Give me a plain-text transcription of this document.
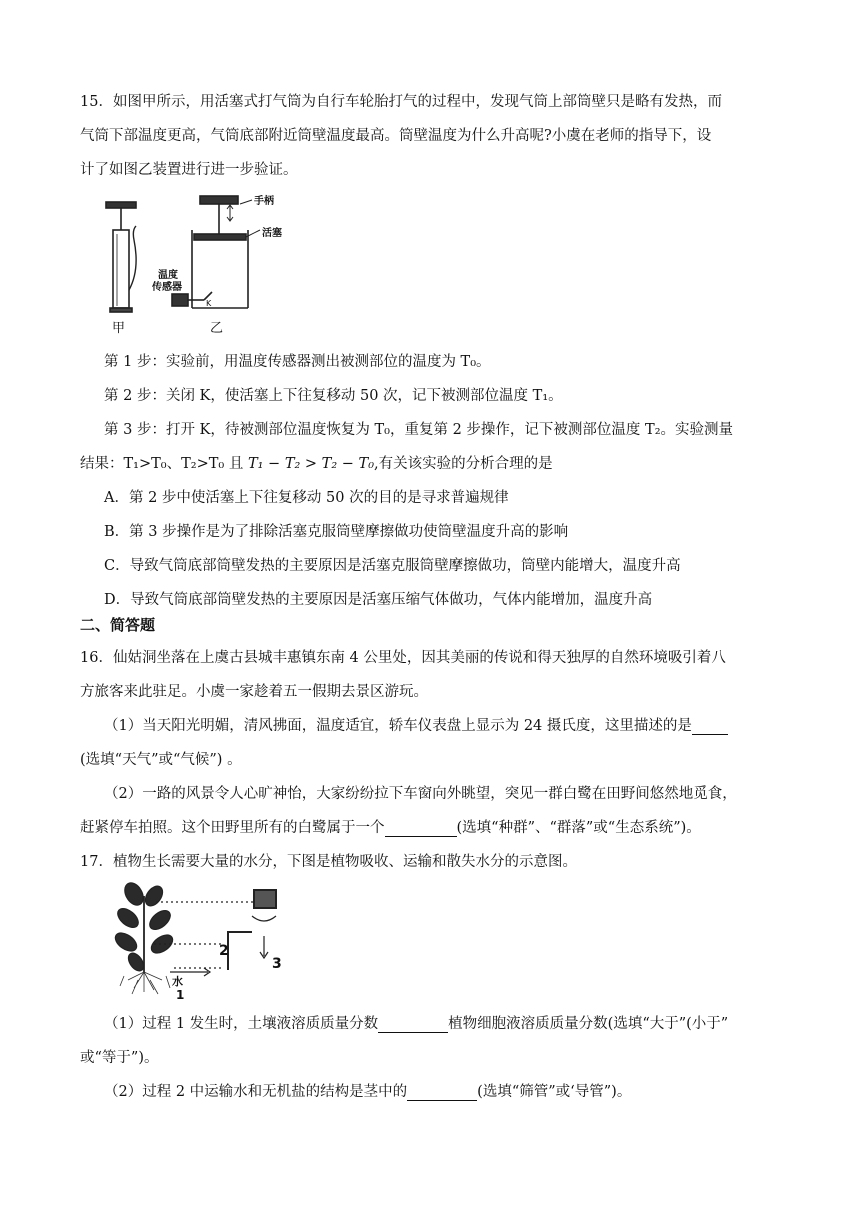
15．如图甲所示，用活塞式打气筒为自行车轮胎打气的过程中，发现气筒上部筒壁只是略有发热，而
气筒下部温度更高，气筒底部附近筒壁温度最高。筒壁温度为什么升高呢?小虞在老师的指导下，设
计了如图乙装置进行进一步验证。
甲
手柄
活塞
温度
传感器
K
乙
第 1 步：实验前，用温度传感器测出被测部位的温度为 T₀。
第 2 步：关闭 K，使活塞上下往复移动 50 次，记下被测部位温度 T₁。
第 3 步：打开 K，待被测部位温度恢复为 T₀，重复第 2 步操作，记下被测部位温度 T₂。实验测量
结果：T₁>T₀、T₂>T₀ 且 T₁ − T₂ > T₂ − T₀,有关该实验的分析合理的是
A．第 2 步中使活塞上下往复移动 50 次的目的是寻求普遍规律
B．第 3 步操作是为了排除活塞克服筒壁摩擦做功使筒壁温度升高的影响
C．导致气筒底部筒壁发热的主要原因是活塞克服筒壁摩擦做功，筒壁内能增大，温度升高
D．导致气筒底部筒壁发热的主要原因是活塞压缩气体做功，气体内能增加，温度升高
二、简答题
16．仙姑洞坐落在上虞古县城丰惠镇东南 4 公里处，因其美丽的传说和得天独厚的自然环境吸引着八
方旅客来此驻足。小虞一家趁着五一假期去景区游玩。
（1）当天阳光明媚，清风拂面，温度适宜，轿车仪表盘上显示为 24 摄氏度，这里描述的是
(选填“天气”或“气候”) 。
（2）一路的风景令人心旷神怡，大家纷纷拉下车窗向外眺望，突见一群白鹭在田野间悠然地觅食，
赶紧停车拍照。这个田野里所有的白鹭属于一个	(选填“种群”、“群落”或“生态系统”)。
17．植物生长需要大量的水分，下图是植物吸收、运输和散失水分的示意图。
2
3
水
1
（1）过程 1 发生时，土壤液溶质质量分数	植物细胞液溶质质量分数(选填“大于”(小于”
或“等于”)。
（2）过程 2 中运输水和无机盐的结构是茎中的	(选填“筛管”或‘导管”)。
